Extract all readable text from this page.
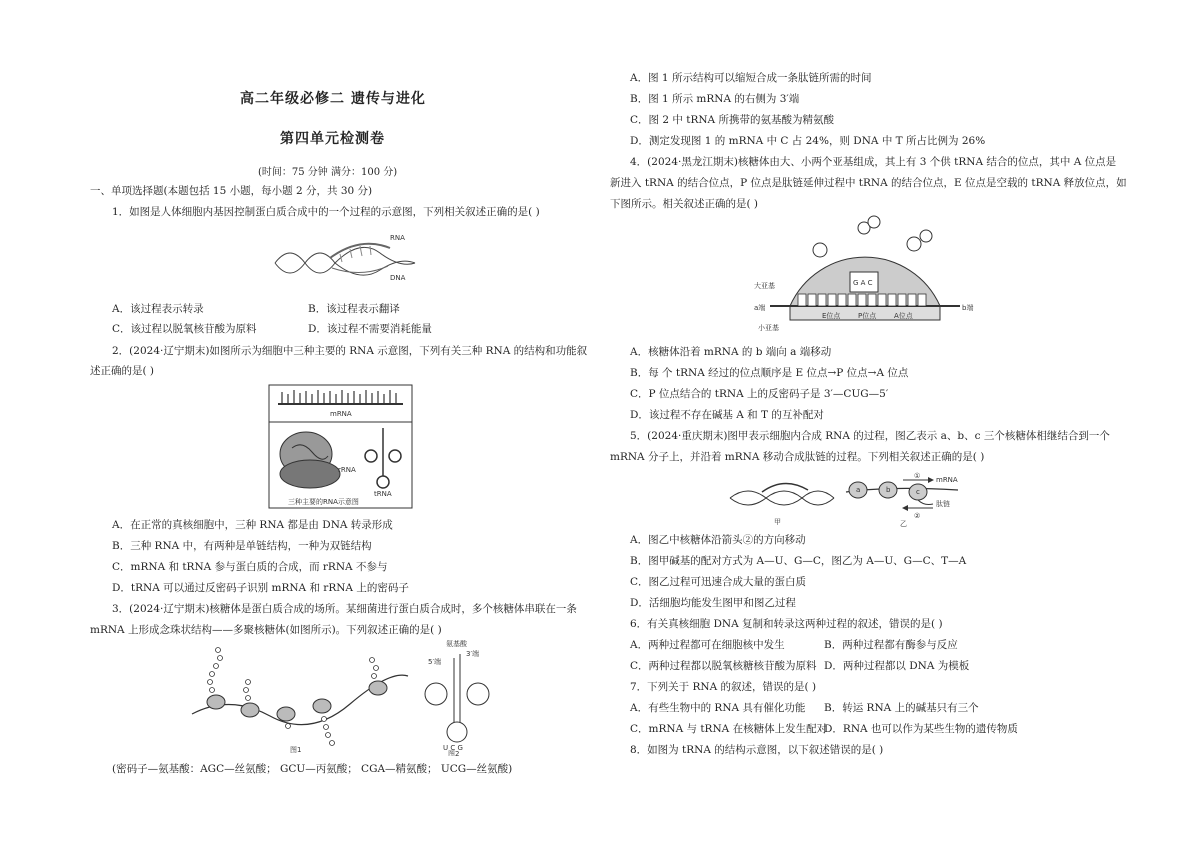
高二年级必修二 遗传与进化
第四单元检测卷
(时间：75 分钟 满分：100 分)
一、单项选择题(本题包括 15 小题，每小题 2 分，共 30 分)
1．如图是人体细胞内基因控制蛋白质合成中的一个过程的示意图，下列相关叙述正确的是( )
RNA
DNA
A．该过程表示转录	B．该过程表示翻译
C．该过程以脱氧核苷酸为原料	D．该过程不需要消耗能量
2．(2024·辽宁期末)如图所示为细胞中三种主要的 RNA 示意图，下列有关三种 RNA 的结构和功能叙
述正确的是( )
mRNA
rRNA
tRNA
三种主要的RNA示意图
A．在正常的真核细胞中，三种 RNA 都是由 DNA 转录形成
B．三种 RNA 中，有两种是单链结构，一种为双链结构
C．mRNA 和 tRNA 参与蛋白质的合成，而 rRNA 不参与
D．tRNA 可以通过反密码子识别 mRNA 和 rRNA 上的密码子
3．(2024·辽宁期末)核糖体是蛋白质合成的场所。某细菌进行蛋白质合成时，多个核糖体串联在一条
mRNA 上形成念珠状结构——多聚核糖体(如图所示)。下列叙述正确的是( )
图1
氨基酸
5′端
3′端
U C G
图2
(密码子—氨基酸：AGC—丝氨酸； GCU—丙氨酸； CGA—精氨酸； UCG—丝氨酸)
A．图 1 所示结构可以缩短合成一条肽链所需的时间
B．图 1 所示 mRNA 的右侧为 3′端
C．图 2 中 tRNA 所携带的氨基酸为精氨酸
D．测定发现图 1 的 mRNA 中 C 占 24%，则 DNA 中 T 所占比例为 26%
4．(2024·黑龙江期末)核糖体由大、小两个亚基组成，其上有 3 个供 tRNA 结合的位点，其中 A 位点是
新进入 tRNA 的结合位点，P 位点是肽链延伸过程中 tRNA 的结合位点，E 位点是空载的 tRNA 释放位点，如
下图所示。相关叙述正确的是( )
G A C
大亚基
a端	b端
小亚基
E位点	P位点	A位点
A．核糖体沿着 mRNA 的 b 端向 a 端移动
B．每 个 tRNA 经过的位点顺序是 E 位点→P 位点→A 位点
C．P 位点结合的 tRNA 上的反密码子是 3′—CUG—5′
D．该过程不存在碱基 A 和 T 的互补配对
5．(2024·重庆期末)图甲表示细胞内合成 RNA 的过程，图乙表示 a、b、c 三个核糖体相继结合到一个
mRNA 分子上，并沿着 mRNA 移动合成肽链的过程。下列相关叙述正确的是( )
甲
a	b	c
①
②
mRNA
肽链
乙
A．图乙中核糖体沿箭头②的方向移动
B．图甲碱基的配对方式为 A—U、G—C，图乙为 A—U、G—C、T—A
C．图乙过程可迅速合成大量的蛋白质
D．活细胞均能发生图甲和图乙过程
6．有关真核细胞 DNA 复制和转录这两种过程的叙述，错误的是( )
A．两种过程都可在细胞核中发生	B．两种过程都有酶参与反应
C．两种过程都以脱氧核糖核苷酸为原料 D．两种过程都以 DNA 为模板
7．下列关于 RNA 的叙述，错误的是( )
A．有些生物中的 RNA 具有催化功能 B．转运 RNA 上的碱基只有三个
C．mRNA 与 tRNA 在核糖体上发生配对
D．RNA 也可以作为某些生物的遗传物质
8．如图为 tRNA 的结构示意图，以下叙述错误的是( )
